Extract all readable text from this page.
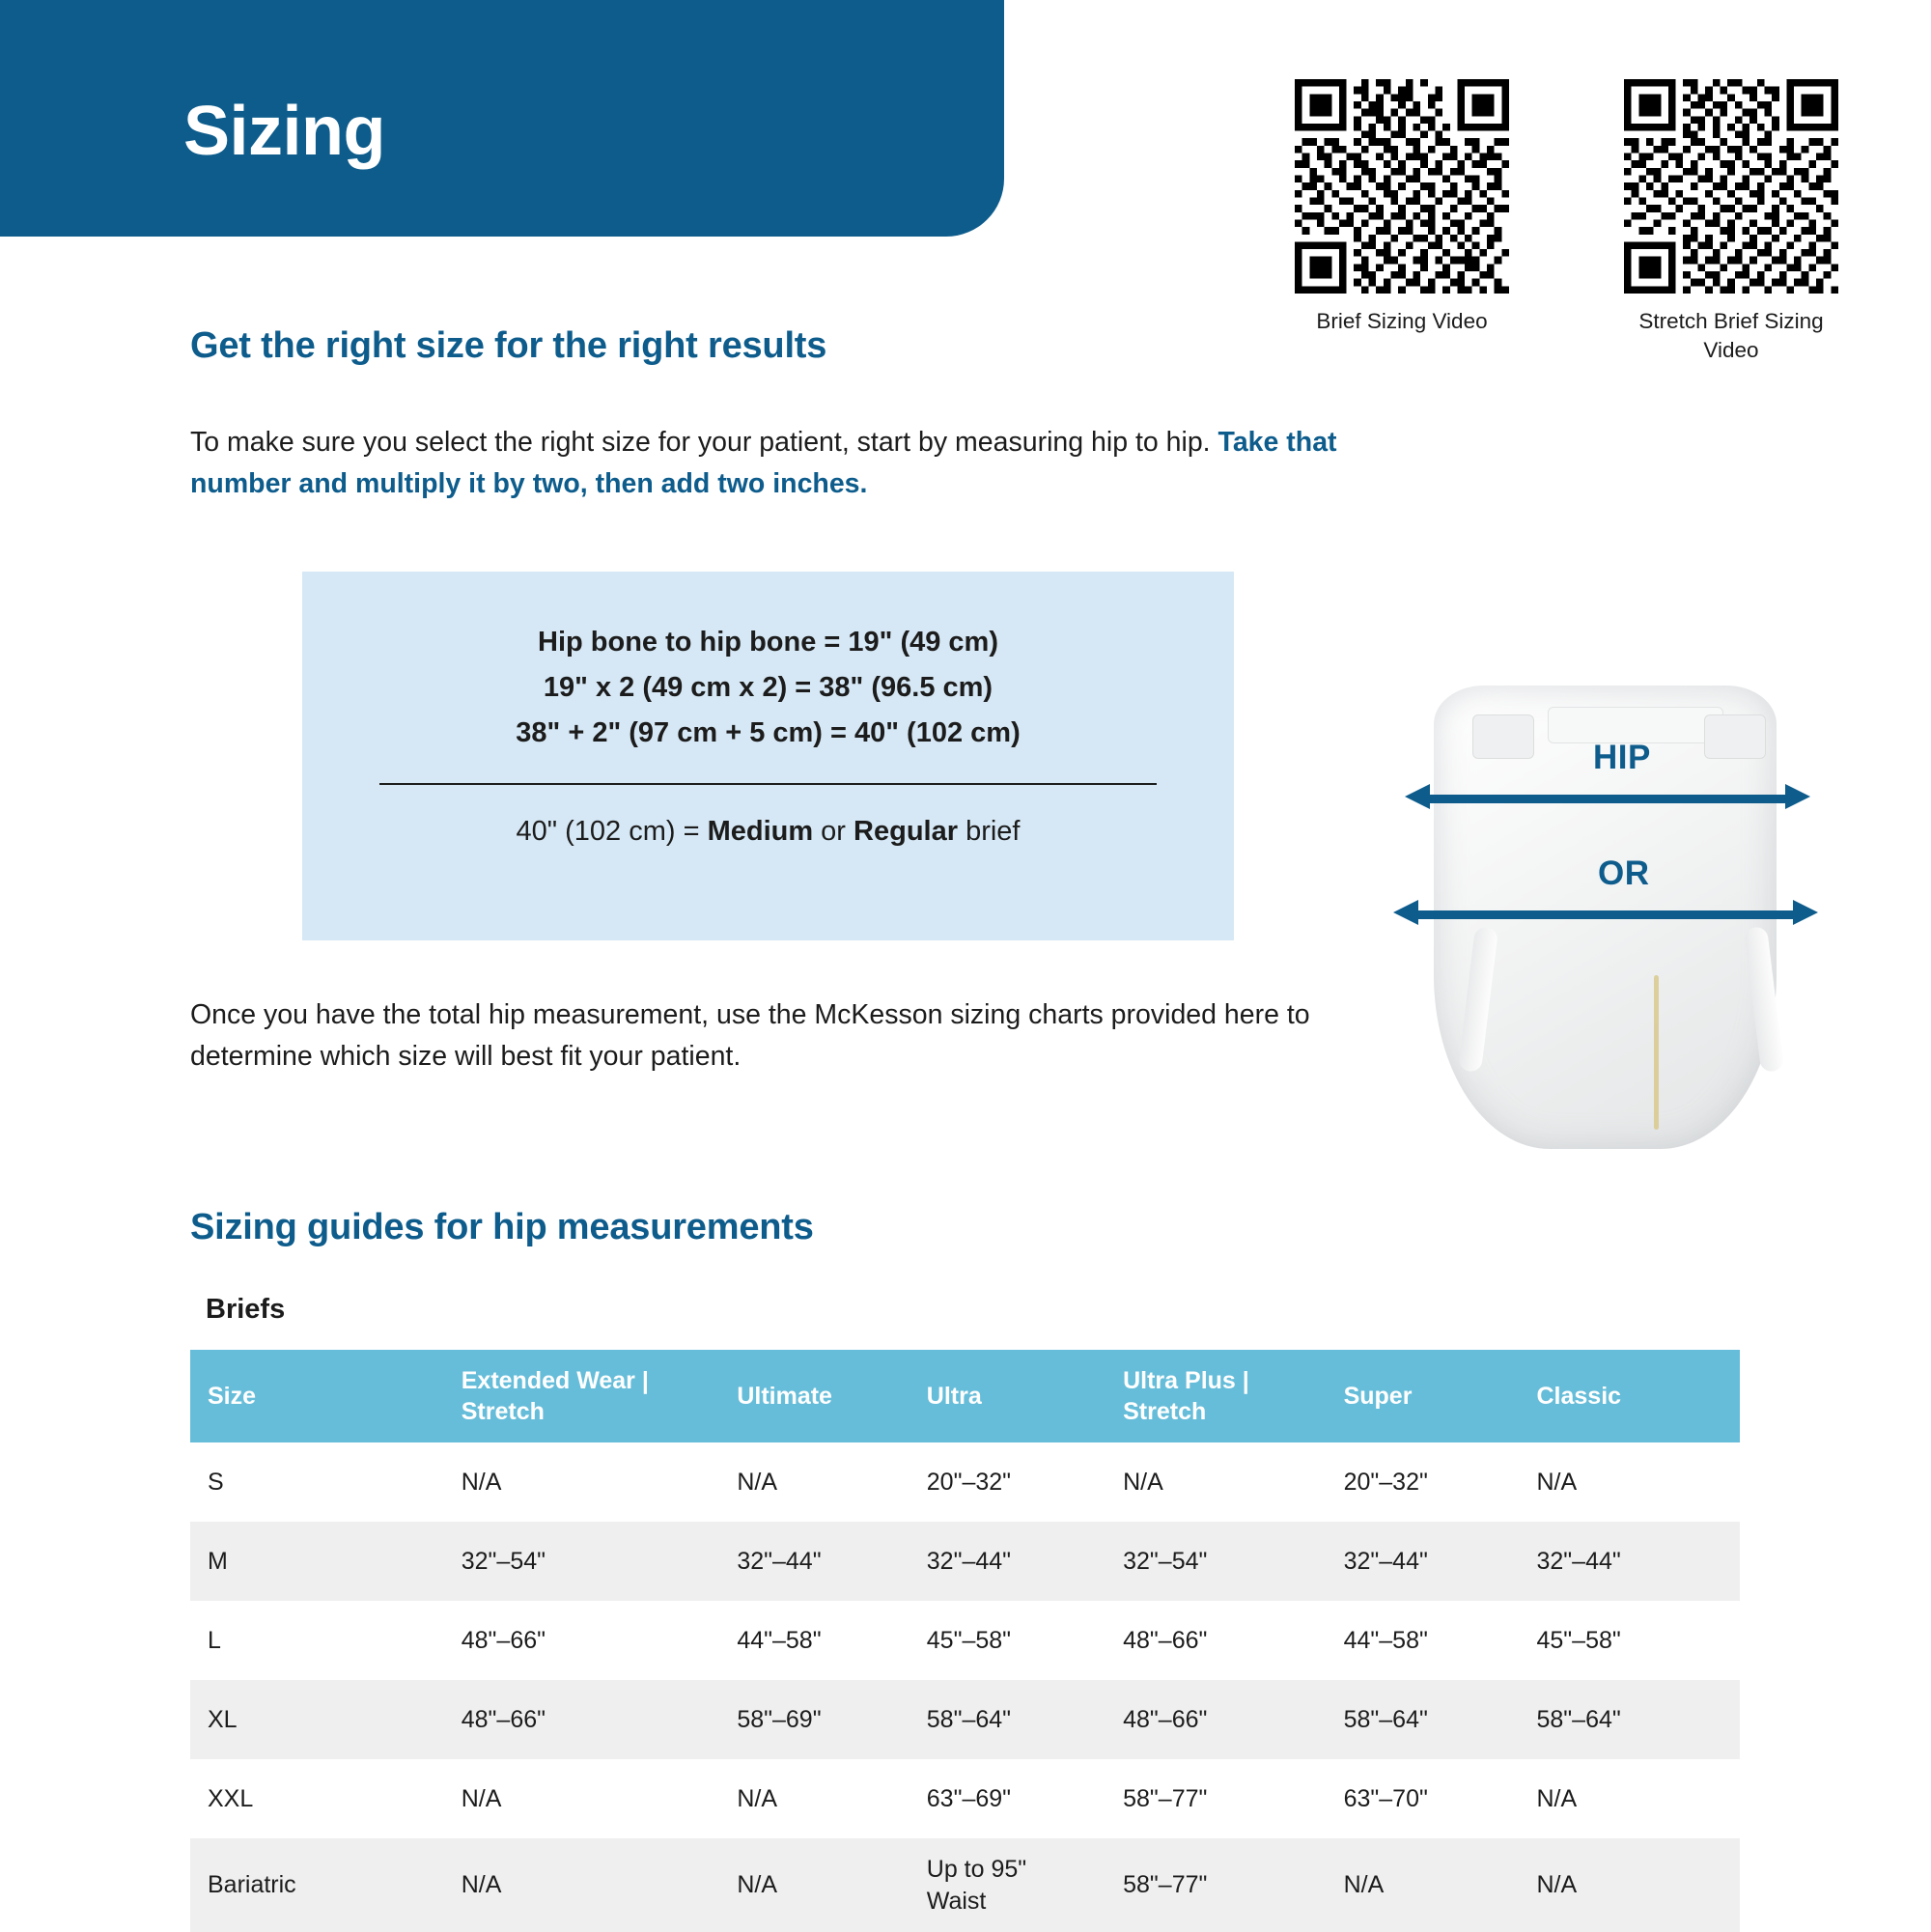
Sizing
Brief Sizing Video	Stretch Brief Sizing Video
Get the right size for the right results
To make sure you select the right size for your patient, start by measuring hip to hip. Take that number and multiply it by two, then add two inches.
Hip bone to hip bone = 19" (49 cm)
19" x 2 (49 cm x 2) = 38" (96.5 cm)
38" + 2" (97 cm + 5 cm) = 40" (102 cm)
40" (102 cm) = Medium or Regular brief
HIP
OR
Once you have the total hip measurement, use the McKesson sizing charts provided here to determine which size will best fit your patient.
Sizing guides for hip measurements
Briefs
Size	Extended Wear | Stretch	Ultimate	Ultra	Ultra Plus | Stretch	Super	Classic
S	N/A	N/A	20"–32"	N/A	20"–32"	N/A
M	32"–54"	32"–44"	32"–44"	32"–54"	32"–44"	32"–44"
L	48"–66"	44"–58"	45"–58"	48"–66"	44"–58"	45"–58"
XL	48"–66"	58"–69"	58"–64"	48"–66"	58"–64"	58"–64"
XXL	N/A	N/A	63"–69"	58"–77"	63"–70"	N/A
Bariatric	N/A	N/A	Up to 95" Waist	58"–77"	N/A	N/A
